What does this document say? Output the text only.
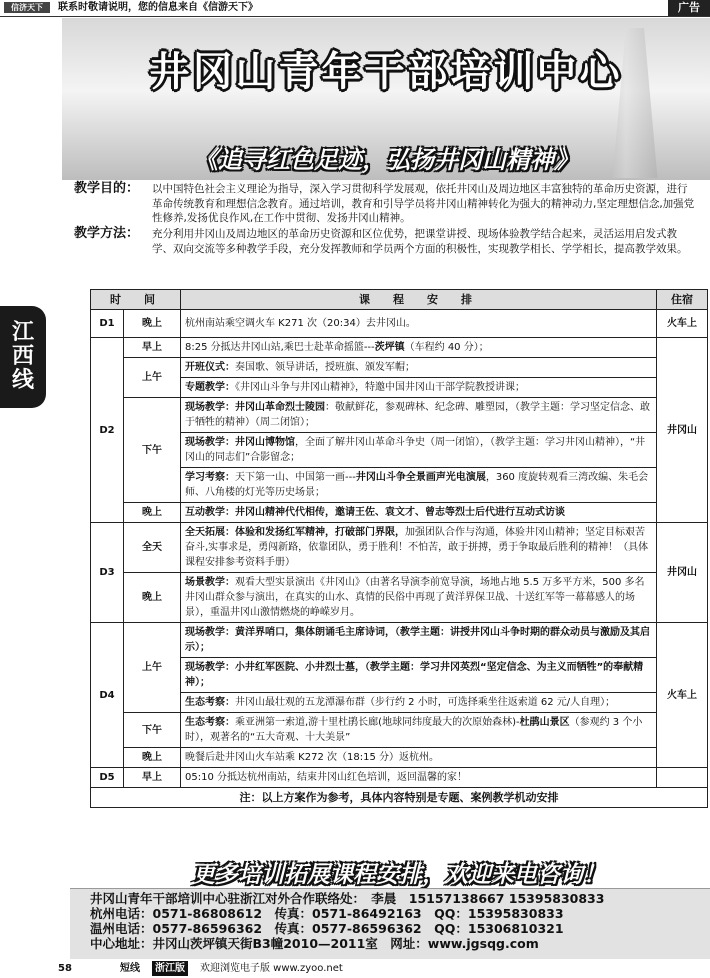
信济天下	联系时敬请说明，您的信息来自《信游天下》	广告
井冈山青年干部培训中心
《追寻红色足迹，弘扬井冈山精神》
教学目的： 以中国特色社会主义理论为指导，深入学习贯彻科学发展观，依托井冈山及周边地区丰富独特的革命历史资源，进行革命传统教育和理想信念教育。通过培训，教育和引导学员将井冈山精神转化为强大的精神动力,坚定理想信念,加强党性修养,发扬优良作风,在工作中贯彻、发扬井冈山精神。
教学方法： 充分利用井冈山及周边地区的革命历史资源和区位优势，把课堂讲授、现场体验教学结合起来，灵活运用启发式教学、双向交流等多种教学手段，充分发挥教师和学员两个方面的积极性，实现教学相长、学学相长，提高教学效果。
江
西
线
时　间		课　程　安　排	住宿
D1	晚上	杭州南站乘空调火车 K271 次（20:34）去井冈山。	火车上
D2	早上	8:25 分抵达井冈山站,乘巴士赴革命摇篮---茨坪镇（车程约 40 分）；	井冈山
	上午	开班仪式：奏国歌、领导讲话，授班旗、颁发军帽；	
		专题教学：《井冈山斗争与井冈山精神》，特邀中国井冈山干部学院教授讲课；	
	下午	现场教学：井冈山革命烈士陵园：敬献鲜花，参观碑林、纪念碑、雕塑园，（教学主题：学习坚定信念、敢于牺牲的精神）（周二闭馆）；	
		现场教学：井冈山博物馆，全面了解井冈山革命斗争史（周一闭馆），（教学主题：学习井冈山精神），“井冈山的同志们”合影留念；	
		学习考察：天下第一山、中国第一画---井冈山斗争全景画声光电演展，360 度旋转观看三湾改编、朱毛会师、八角楼的灯光等历史场景；	
	晚上	互动教学：井冈山精神代代相传，邀请王佐、袁文才、曾志等烈士后代进行互动式访谈	
D3	全天	全天拓展：体验和发扬红军精神，打破部门界限，加强团队合作与沟通，体验井冈山精神；坚定目标艰苦奋斗,实事求是，勇闯新路，依靠团队，勇于胜利！不怕苦，敢于拼搏，勇于争取最后胜利的精神！（具体课程安排参考资料手册）	井冈山
	晚上	场景教学：观看大型实景演出《井冈山》（由著名导演李前宽导演，场地占地 5.5 万多平方米，500 多名井冈山群众参与演出，在真实的山水、真情的民俗中再现了黄洋界保卫战、十送红军等一幕幕感人的场景），重温井冈山激情燃烧的峥嵘岁月。	
D4	上午	现场教学：黄洋界哨口，集体朗诵毛主席诗词，（教学主题：讲授井冈山斗争时期的群众动员与激励及其启示）；	火车上
		现场教学：小井红军医院、小井烈士墓，（教学主题：学习井冈英烈“坚定信念、为主义而牺牲”的奉献精神）；	
		生态考察：井冈山最壮观的五龙潭瀑布群（步行约 2 小时，可选择乘坐往返索道 62 元/人自理）；	
	下午	生态考察：乘亚洲第一索道,游十里杜鹃长廊(地球同纬度最大的次原始森林)-杜鹃山景区（参观约 3 个小时），观著名的“五大奇观、十大美景”	
	晚上	晚餐后赴井冈山火车站乘 K272 次（18:15 分）返杭州。	
D5	早上	05:10 分抵达杭州南站，结束井冈山红色培训，返回温馨的家！	
注：以上方案作为参考，具体内容特别是专题、案例教学机动安排			
更多培训拓展课程安排，欢迎来电咨询！
井冈山青年干部培训中心驻浙江对外合作联络处：　李晨　15157138667 15395830833
杭州电话：0571-86808612　传真：0571-86492163　QQ：15395830833
温州电话：0577-86596362　传真：0577-86596362　QQ：15306810321
中心地址：井冈山茨坪镇天街B3幢2010—2011室　网址：www.jgsqg.com
58	短线	浙江版	欢迎浏览电子版 www.zyoo.net
